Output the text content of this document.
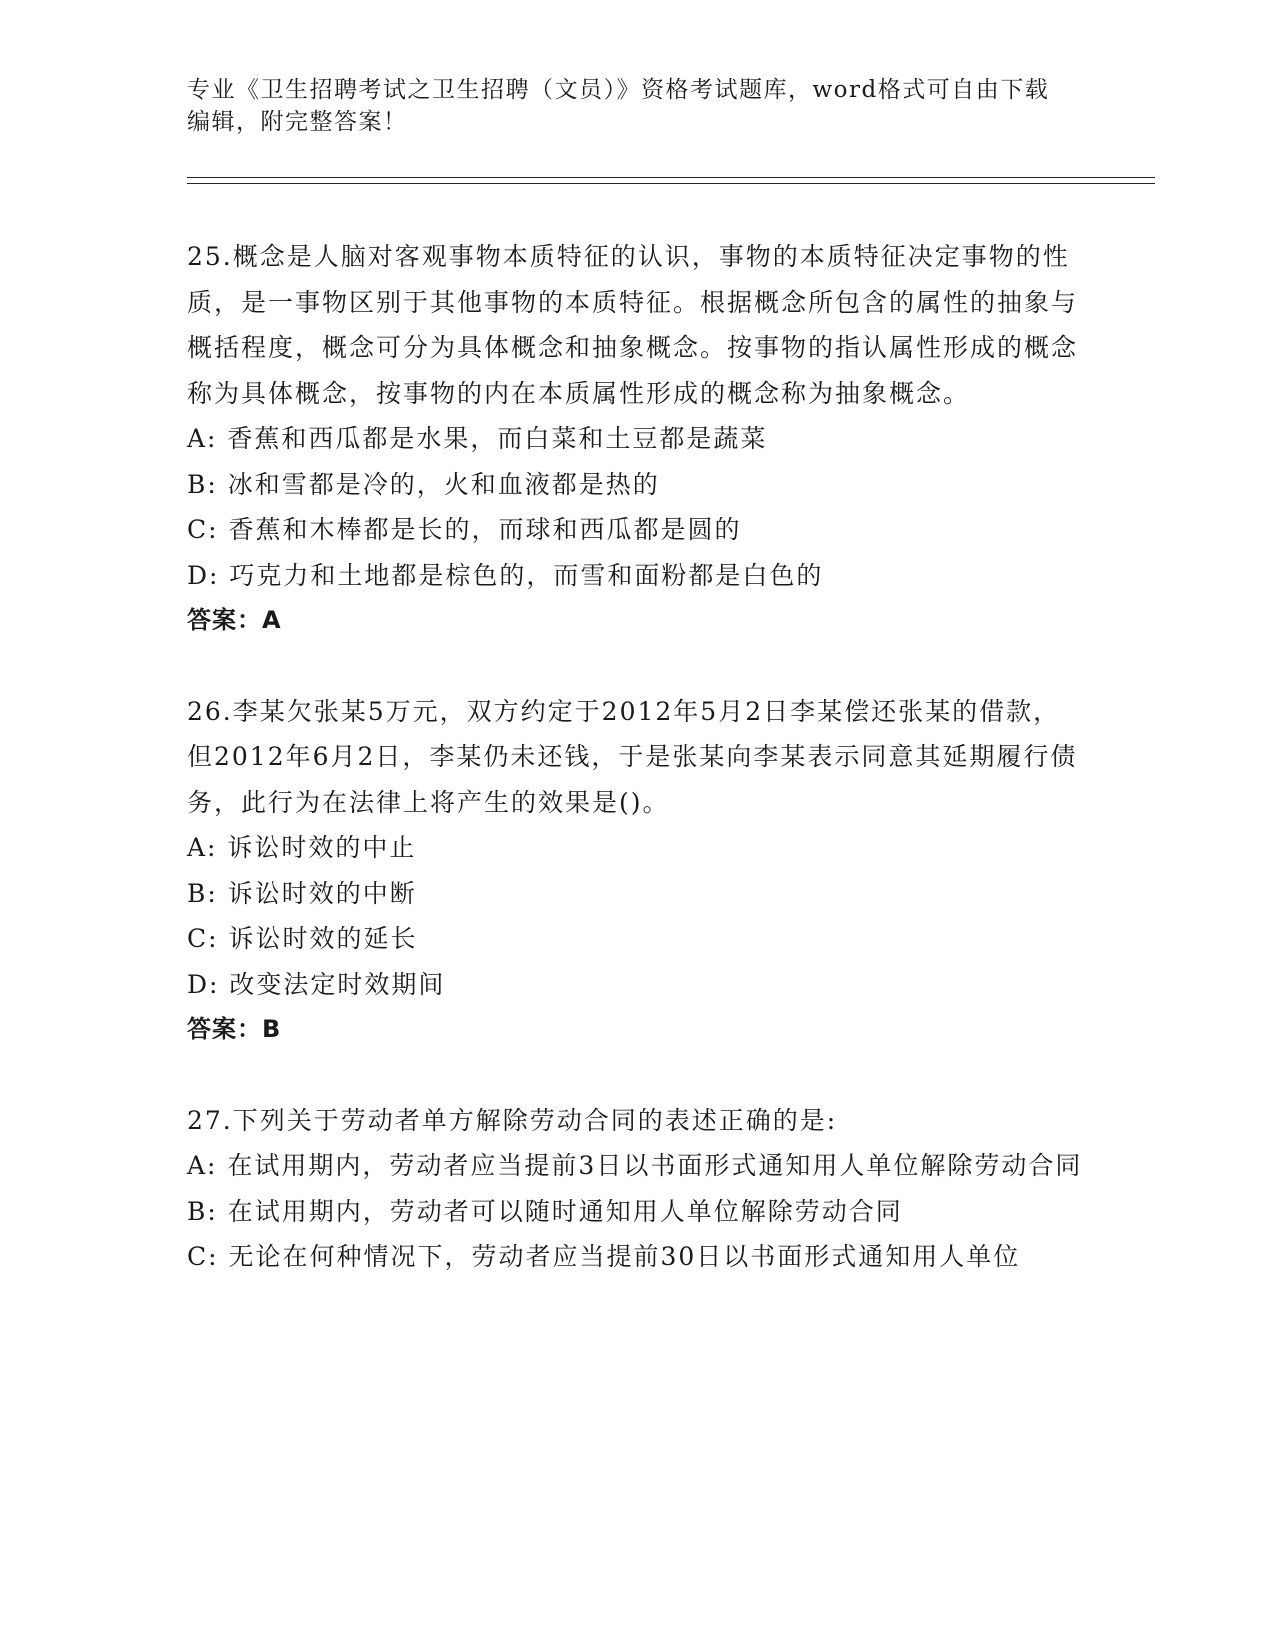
专业《卫生招聘考试之卫生招聘（文员）》资格考试题库，word格式可自由下载
编辑，附完整答案！
25.概念是人脑对客观事物本质特征的认识，事物的本质特征决定事物的性质，是一事物区别于其他事物的本质特征。根据概念所包含的属性的抽象与概括程度，概念可分为具体概念和抽象概念。按事物的指认属性形成的概念称为具体概念，按事物的内在本质属性形成的概念称为抽象概念。
A: 香蕉和西瓜都是水果，而白菜和土豆都是蔬菜
B: 冰和雪都是冷的，火和血液都是热的
C: 香蕉和木棒都是长的，而球和西瓜都是圆的
D: 巧克力和土地都是棕色的，而雪和面粉都是白色的
答案：A
26.李某欠张某5万元，双方约定于2012年5月2日李某偿还张某的借款，但2012年6月2日，李某仍未还钱，于是张某向李某表示同意其延期履行债务，此行为在法律上将产生的效果是()。
A: 诉讼时效的中止
B: 诉讼时效的中断
C: 诉讼时效的延长
D: 改变法定时效期间
答案：B
27.下列关于劳动者单方解除劳动合同的表述正确的是:
A: 在试用期内，劳动者应当提前3日以书面形式通知用人单位解除劳动合同
B: 在试用期内，劳动者可以随时通知用人单位解除劳动合同
C: 无论在何种情况下，劳动者应当提前30日以书面形式通知用人单位
